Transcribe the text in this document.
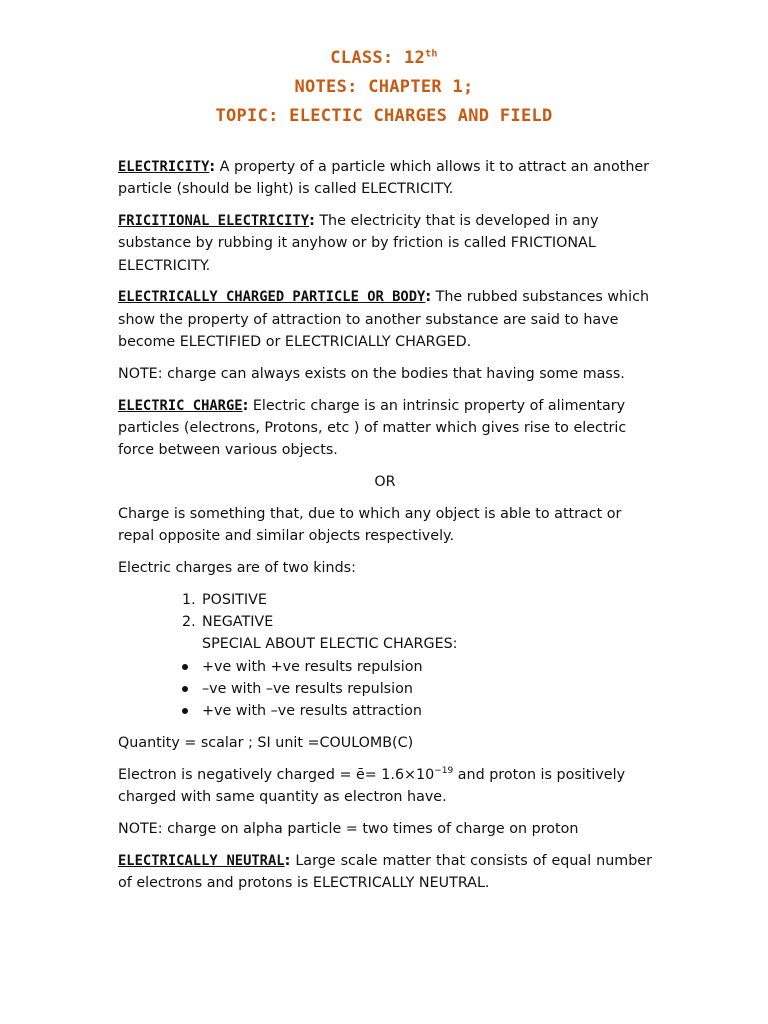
CLASS: 12th
NOTES: CHAPTER 1;
TOPIC: ELECTIC CHARGES AND FIELD

ELECTRICITY: A property of a particle which allows it to attract an another particle (should be light) is called ELECTRICITY.

FRICITIONAL ELECTRICITY: The electricity that is developed in any substance by rubbing it anyhow or by friction is called FRICTIONAL ELECTRICITY.

ELECTRICALLY CHARGED PARTICLE OR BODY: The rubbed substances which show the property of attraction to another substance are said to have become ELECTIFIED or ELECTRICIALLY CHARGED.

NOTE: charge can always exists on the bodies that having some mass.

ELECTRIC CHARGE: Electric charge is an intrinsic property of alimentary particles (electrons, Protons, etc ) of matter which gives rise to electric force between various objects.

OR

Charge is something that, due to which any object is able to attract or repal opposite and similar objects respectively.

Electric charges are of two kinds:

1. POSITIVE
2. NEGATIVE
SPECIAL ABOUT ELECTIC CHARGES:
+ve with +ve results repulsion
–ve with –ve results repulsion
+ve with –ve results attraction

Quantity = scalar ; SI unit =COULOMB(C)

Electron is negatively charged = ē= $1.6\times 10^{-19}$ and proton is positively charged with same quantity as electron have.

NOTE: charge on alpha particle = two times of charge on proton

ELECTRICALLY NEUTRAL: Large scale matter that consists of equal number of electrons and protons is ELECTRICALLY NEUTRAL.
